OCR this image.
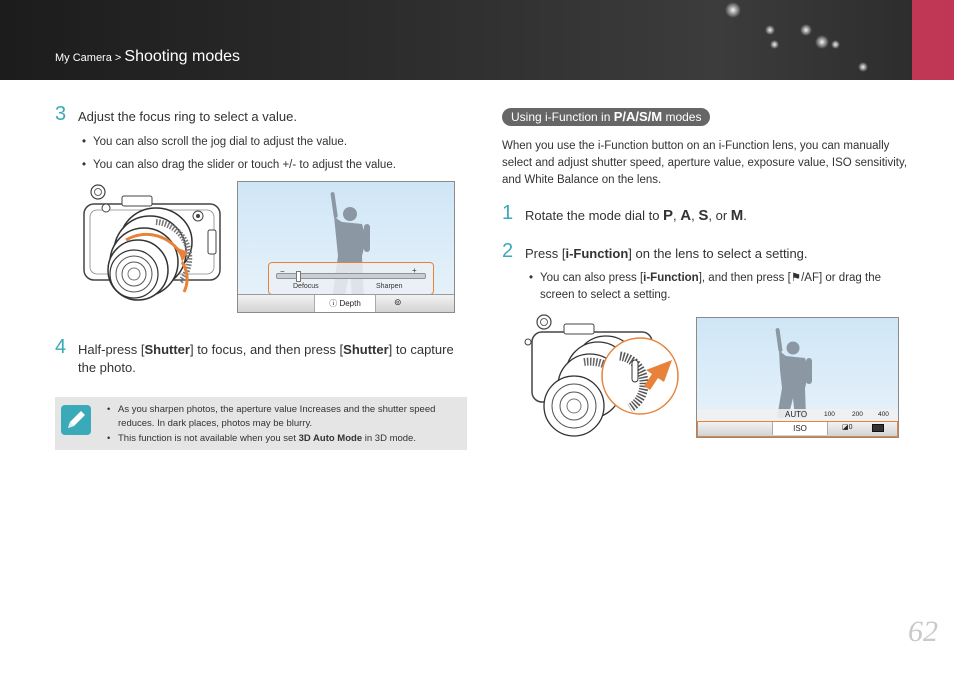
My Camera > Shooting modes
3 Adjust the focus ring to select a value.
• You can also scroll the jog dial to adjust the value.
• You can also drag the slider or touch +/- to adjust the value.
−	+
Defocus	Sharpen
ⓘ Depth	⊚
4 Half-press [Shutter] to focus, and then press [Shutter] to capture the photo.
• As you sharpen photos, the aperture value Increases and the shutter speed reduces. In dark places, photos may be blurry.
• This function is not available when you set 3D Auto Mode in 3D mode.
Using i-Function in P/A/S/M modes

When you use the i-Function button on an i-Function lens, you can manually select and adjust shutter speed, aperture value, exposure value, ISO sensitivity, and White Balance on the lens.

1 Rotate the mode dial to P, A, S, or M.
2 Press [i-Function] on the lens to select a setting.
• You can also press [i-Function], and then press [⚑/AF] or drag the screen to select a setting.
AUTO	100	200 400
ISO	◪0
62
